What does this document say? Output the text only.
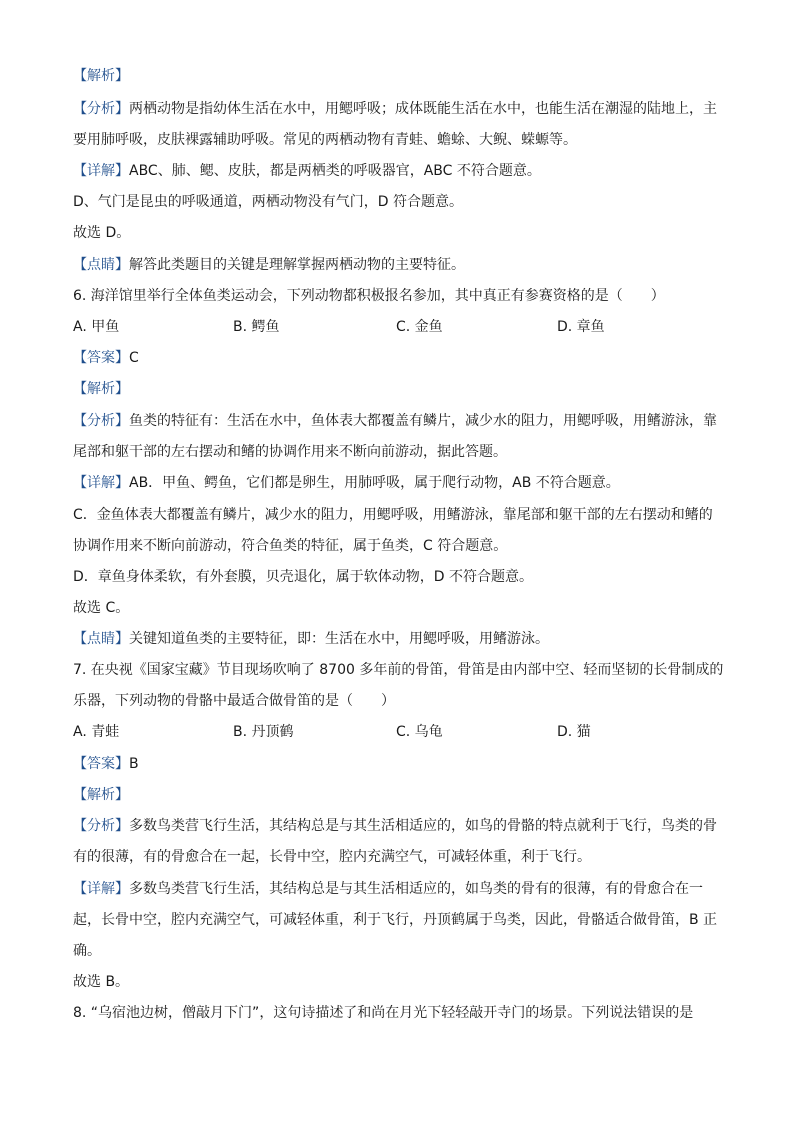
【解析】
【分析】两栖动物是指幼体生活在水中，用鳃呼吸；成体既能生活在水中，也能生活在潮湿的陆地上，主
要用肺呼吸，皮肤裸露辅助呼吸。常见的两栖动物有青蛙、蟾蜍、大鲵、蝾螈等。
【详解】ABC、肺、鳃、皮肤，都是两栖类的呼吸器官，ABC 不符合题意。
D、气门是昆虫的呼吸通道，两栖动物没有气门，D 符合题意。
故选 D。
【点睛】解答此类题目的关键是理解掌握两栖动物的主要特征。
6. 海洋馆里举行全体鱼类运动会，下列动物都积极报名参加，其中真正有参赛资格的是（　　）
A. 甲鱼	B. 鳄鱼	C. 金鱼	D. 章鱼
【答案】C
【解析】
【分析】鱼类的特征有：生活在水中，鱼体表大都覆盖有鳞片，减少水的阻力，用鳃呼吸，用鳍游泳，靠
尾部和躯干部的左右摆动和鳍的协调作用来不断向前游动，据此答题。
【详解】AB．甲鱼、鳄鱼，它们都是卵生，用肺呼吸，属于爬行动物，AB 不符合题意。
C．金鱼体表大都覆盖有鳞片，减少水的阻力，用鳃呼吸，用鳍游泳，靠尾部和躯干部的左右摆动和鳍的
协调作用来不断向前游动，符合鱼类的特征，属于鱼类，C 符合题意。
D．章鱼身体柔软，有外套膜，贝壳退化，属于软体动物，D 不符合题意。
故选 C。
【点睛】关键知道鱼类的主要特征，即：生活在水中，用鳃呼吸，用鳍游泳。
7. 在央视《国家宝藏》节目现场吹响了 8700 多年前的骨笛，骨笛是由内部中空、轻而坚韧的长骨制成的
乐器，下列动物的骨骼中最适合做骨笛的是（　　）
A. 青蛙	B. 丹顶鹤	C. 乌龟	D. 猫
【答案】B
【解析】
【分析】多数鸟类营飞行生活，其结构总是与其生活相适应的，如鸟的骨骼的特点就利于飞行，鸟类的骨
有的很薄，有的骨愈合在一起，长骨中空，腔内充满空气，可减轻体重，利于飞行。
【详解】多数鸟类营飞行生活，其结构总是与其生活相适应的，如鸟类的骨有的很薄，有的骨愈合在一
起，长骨中空，腔内充满空气，可减轻体重，利于飞行，丹顶鹤属于鸟类，因此，骨骼适合做骨笛，B 正
确。
故选 B。
8. “乌宿池边树，僧敲月下门”，这句诗描述了和尚在月光下轻轻敲开寺门的场景。下列说法错误的是
